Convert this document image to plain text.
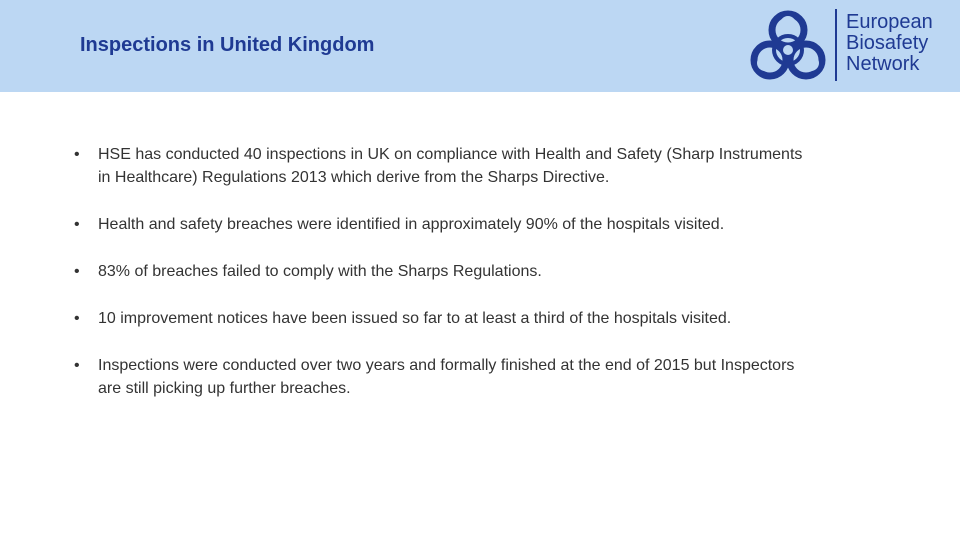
Inspections in United Kingdom
European
Biosafety
Network
• HSE has conducted 40 inspections in UK on compliance with Health and Safety (Sharp Instruments in Healthcare) Regulations 2013 which derive from the Sharps Directive.
• Health and safety breaches were identified in approximately 90% of the hospitals visited.
• 83% of breaches failed to comply with the Sharps Regulations.
• 10 improvement notices have been issued so far to at least a third of the hospitals visited.
• Inspections were conducted over two years and formally finished at the end of 2015 but Inspectors are still picking up further breaches.
